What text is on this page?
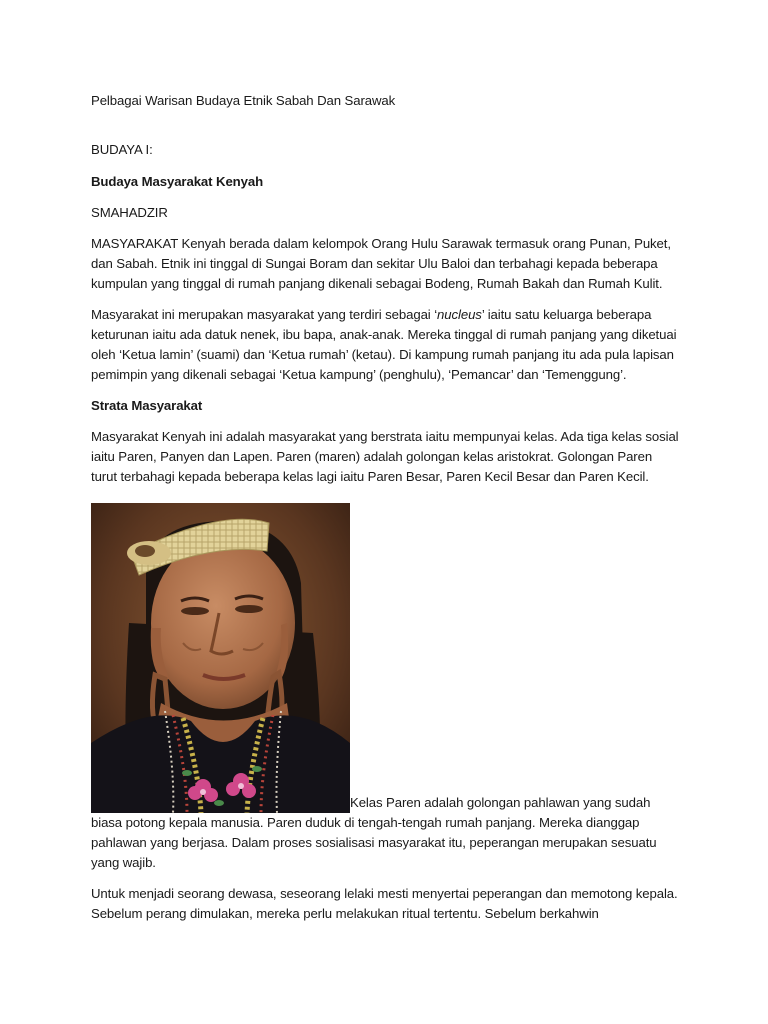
Pelbagai Warisan Budaya Etnik Sabah Dan Sarawak

BUDAYA I:

Budaya Masyarakat Kenyah

SMAHADZIR

MASYARAKAT Kenyah berada dalam kelompok Orang Hulu Sarawak termasuk orang Punan, Puket, dan Sabah. Etnik ini tinggal di Sungai Boram dan sekitar Ulu Baloi dan terbahagi kepada beberapa kumpulan yang tinggal di rumah panjang dikenali sebagai Bodeng, Rumah Bakah dan Rumah Kulit.

Masyarakat ini merupakan masyarakat yang terdiri sebagai ‘nucleus’ iaitu satu keluarga beberapa keturunan iaitu ada datuk nenek, ibu bapa, anak-anak. Mereka tinggal di rumah panjang yang diketuai oleh ‘Ketua lamin’ (suami) dan ‘Ketua rumah’ (ketau). Di kampung rumah panjang itu ada pula lapisan pemimpin yang dikenali sebagai ‘Ketua kampung’ (penghulu), ‘Pemancar’ dan ‘Temenggung’.

Strata Masyarakat

Masyarakat Kenyah ini adalah masyarakat yang berstrata iaitu mempunyai kelas. Ada tiga kelas sosial iaitu Paren, Panyen dan Lapen. Paren (maren) adalah golongan kelas aristokrat. Golongan Paren turut terbahagi kepada beberapa kelas lagi iaitu Paren Besar, Paren Kecil Besar dan Paren Kecil.

Kelas Paren adalah golongan pahlawan yang sudah biasa potong kepala manusia. Paren duduk di tengah-tengah rumah panjang. Mereka dianggap pahlawan yang berjasa. Dalam proses sosialisasi masyarakat itu, peperangan merupakan sesuatu yang wajib.

Untuk menjadi seorang dewasa, seseorang lelaki mesti menyertai peperangan dan memotong kepala. Sebelum perang dimulakan, mereka perlu melakukan ritual tertentu. Sebelum berkahwin
